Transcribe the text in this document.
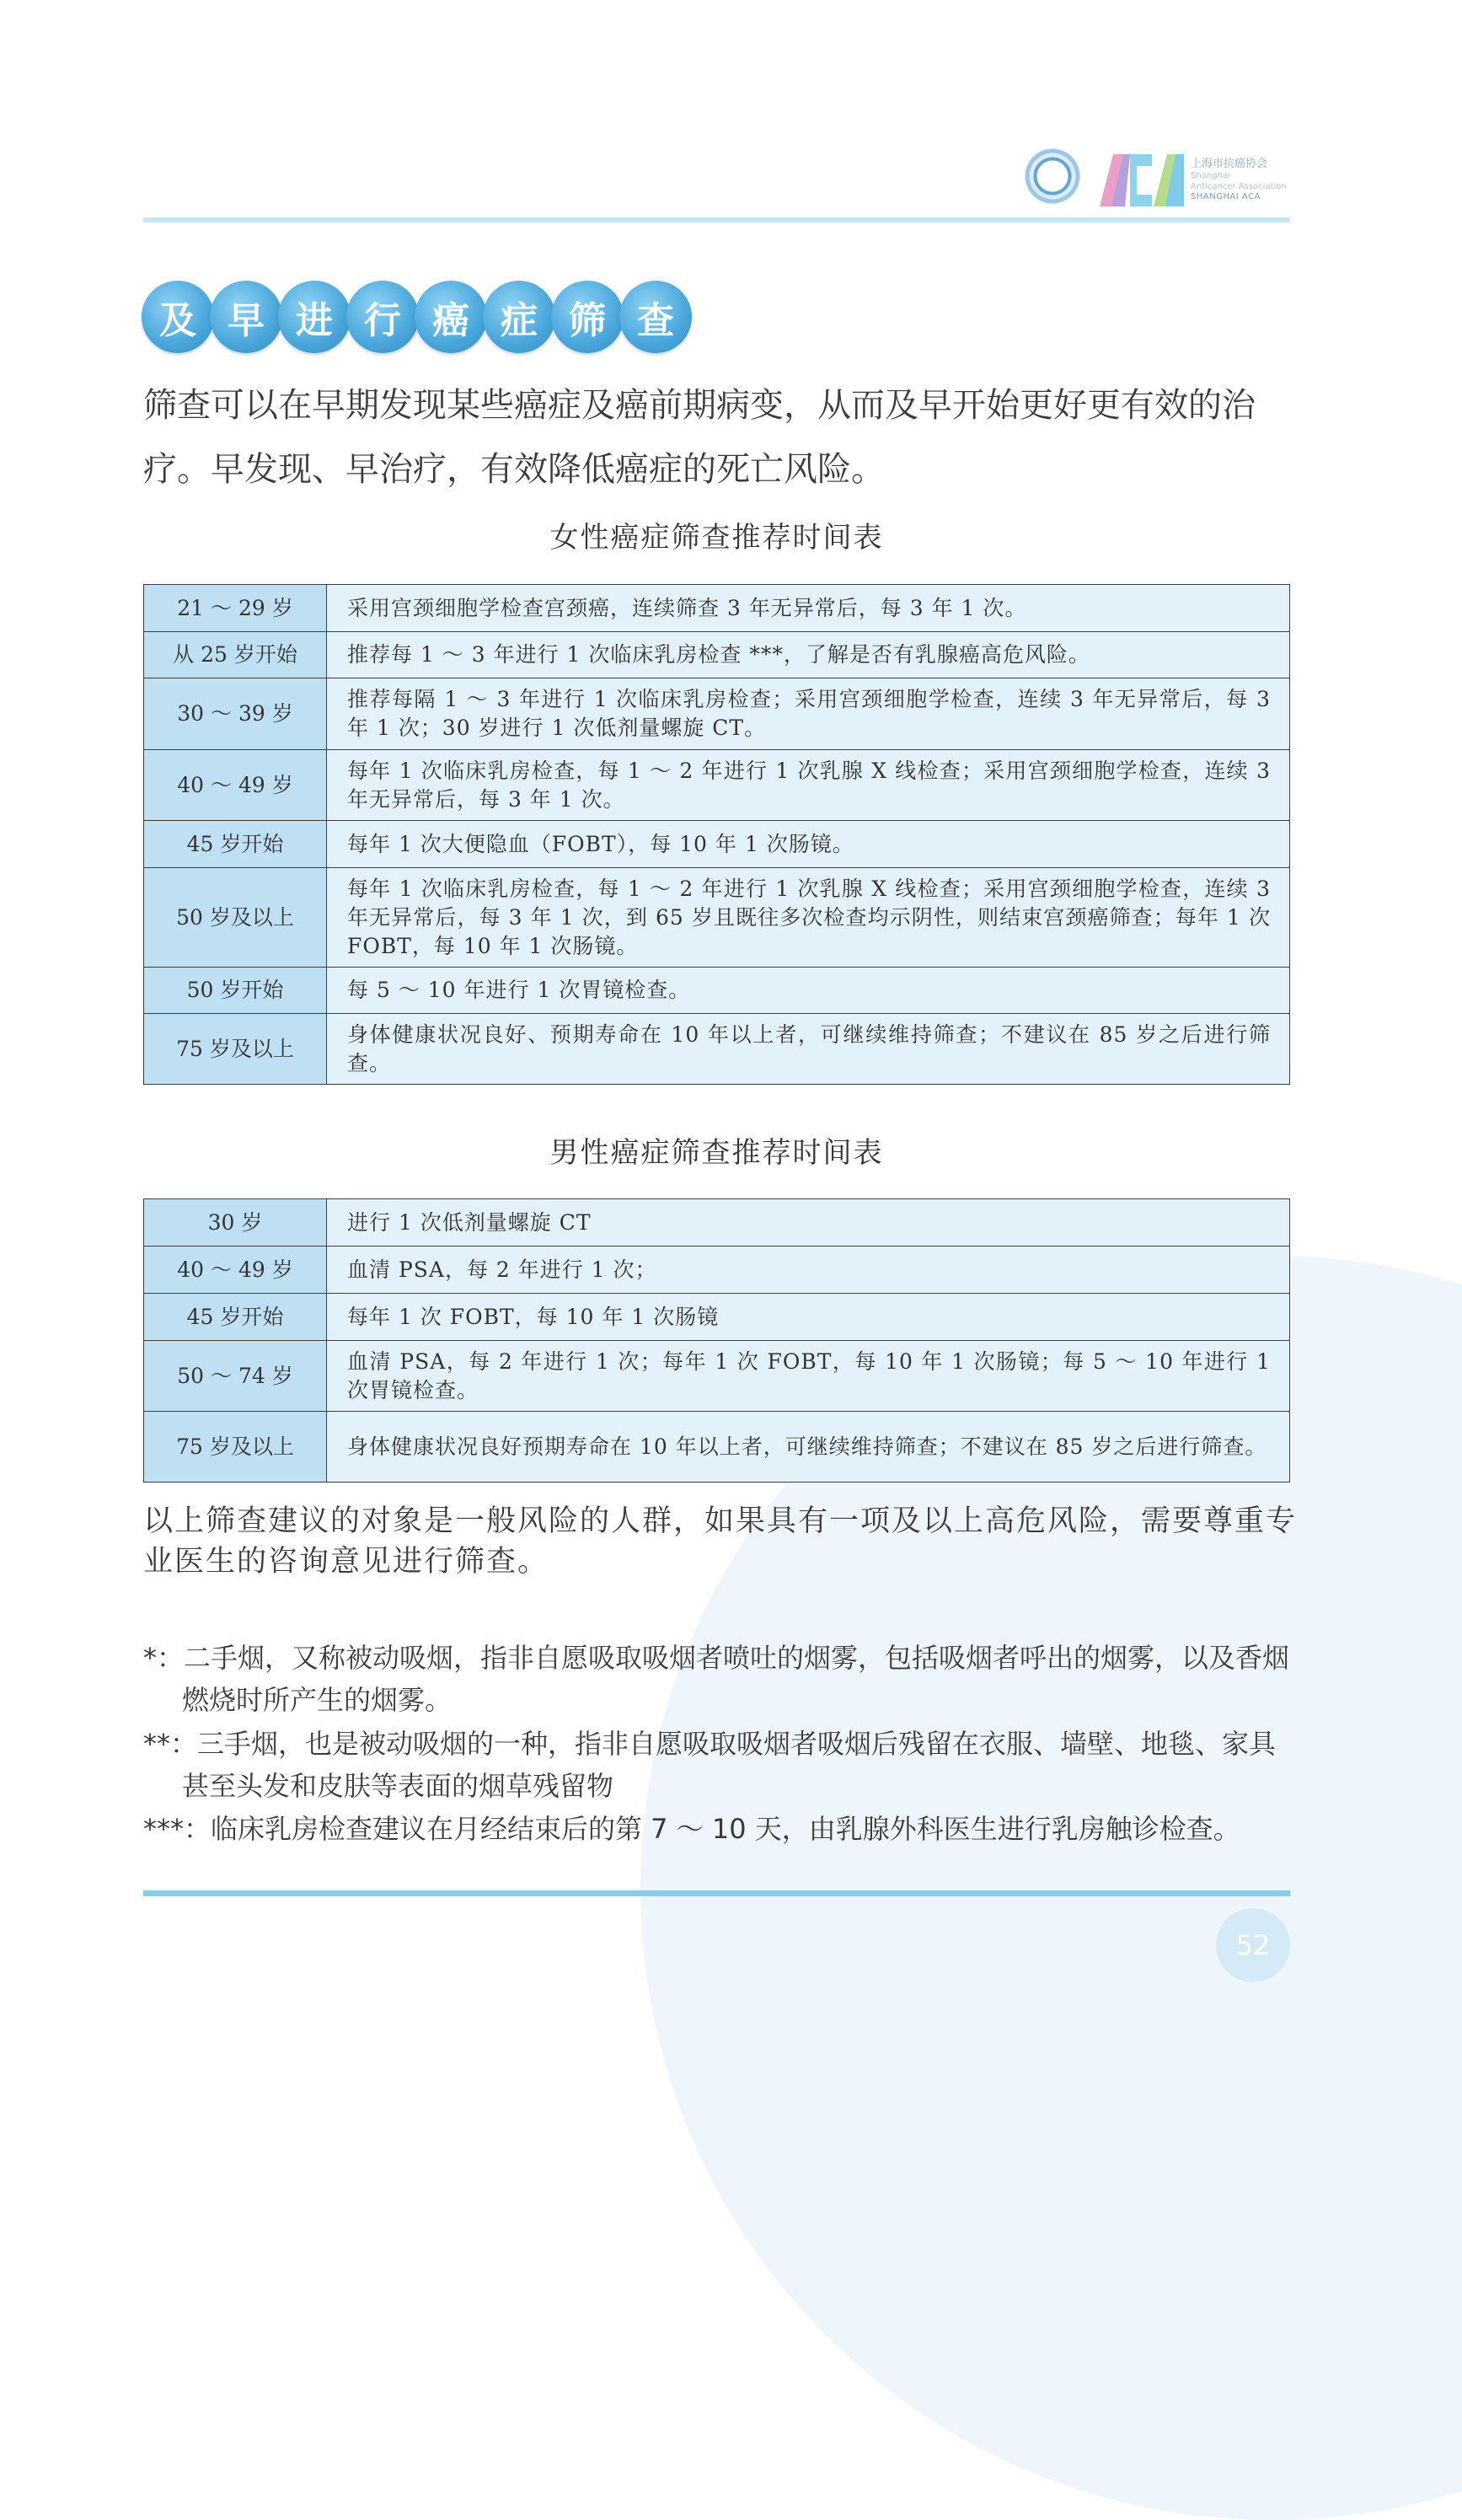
上海市抗癌协会
Shanghai
Anticancer Association
SHANGHAI ACA
及 早 进 行 癌 症 筛 查
筛查可以在早期发现某些癌症及癌前期病变，从而及早开始更好更有效的治疗。早发现、早治疗，有效降低癌症的死亡风险。
女性癌症筛查推荐时间表
21 ～ 29 岁	采用宫颈细胞学检查宫颈癌，连续筛查 3 年无异常后，每 3 年 1 次。
从 25 岁开始	推荐每 1 ～ 3 年进行 1 次临床乳房检查 ***，了解是否有乳腺癌高危风险。
30 ～ 39 岁	推荐每隔 1 ～ 3 年进行 1 次临床乳房检查；采用宫颈细胞学检查，连续 3 年无异常后，每 3 年 1 次；30 岁进行 1 次低剂量螺旋 CT。
40 ～ 49 岁	每年 1 次临床乳房检查，每 1 ～ 2 年进行 1 次乳腺 X 线检查；采用宫颈细胞学检查，连续 3 年无异常后，每 3 年 1 次。
45 岁开始	每年 1 次大便隐血（FOBT），每 10 年 1 次肠镜。
50 岁及以上	每年 1 次临床乳房检查，每 1 ～ 2 年进行 1 次乳腺 X 线检查；采用宫颈细胞学检查，连续 3 年无异常后，每 3 年 1 次，到 65 岁且既往多次检查均示阴性，则结束宫颈癌筛查；每年 1 次 FOBT，每 10 年 1 次肠镜。
50 岁开始	每 5 ～ 10 年进行 1 次胃镜检查。
75 岁及以上	身体健康状况良好、预期寿命在 10 年以上者，可继续维持筛查；不建议在 85 岁之后进行筛查。
男性癌症筛查推荐时间表
30 岁	进行 1 次低剂量螺旋 CT
40 ～ 49 岁	血清 PSA，每 2 年进行 1 次；
45 岁开始	每年 1 次 FOBT，每 10 年 1 次肠镜
50 ～ 74 岁	血清 PSA，每 2 年进行 1 次；每年 1 次 FOBT，每 10 年 1 次肠镜；每 5 ～ 10 年进行 1 次胃镜检查。
75 岁及以上	身体健康状况良好预期寿命在 10 年以上者，可继续维持筛查；不建议在 85 岁之后进行筛查。
以上筛查建议的对象是一般风险的人群，如果具有一项及以上高危风险，需要尊重专业医生的咨询意见进行筛查。
*：二手烟，又称被动吸烟，指非自愿吸取吸烟者喷吐的烟雾，包括吸烟者呼出的烟雾，以及香烟
燃烧时所产生的烟雾。
**：三手烟，也是被动吸烟的一种，指非自愿吸取吸烟者吸烟后残留在衣服、墙壁、地毯、家具
甚至头发和皮肤等表面的烟草残留物
***：临床乳房检查建议在月经结束后的第 7 ～ 10 天，由乳腺外科医生进行乳房触诊检查。
52
